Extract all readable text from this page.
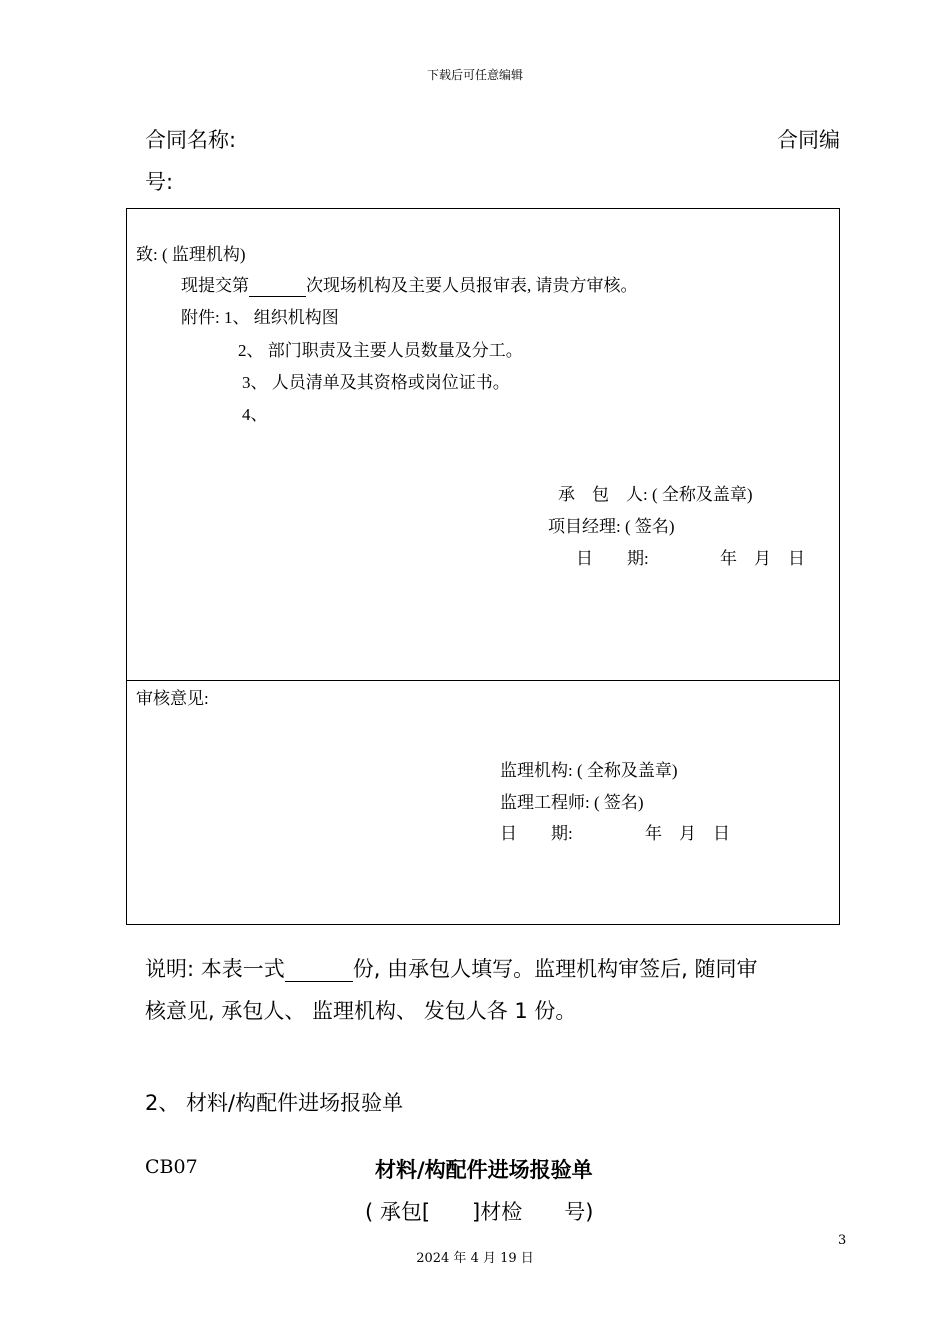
下载后可任意编辑
合同名称:	合同编
号:
致: ( 监理机构)
现提交第	次现场机构及主要人员报审表, 请贵方审核。
附件: 1、 组织机构图
2、 部门职责及主要人员数量及分工。
3、 人员清单及其资格或岗位证书。
4、
承　包　人: ( 全称及盖章)
项目经理: ( 签名)
日　　期:	年　月　日
审核意见:
监理机构: ( 全称及盖章)
监理工程师: ( 签名)
日　　期:	年　月　日
说明: 本表一式	份, 由承包人填写。监理机构审签后, 随同审
核意见, 承包人、 监理机构、 发包人各 1 份。
2、 材料/构配件进场报验单
CB07	材料/构配件进场报验单
( 承包[　　]材检　　号)
3
2024 年 4 月 19 日
